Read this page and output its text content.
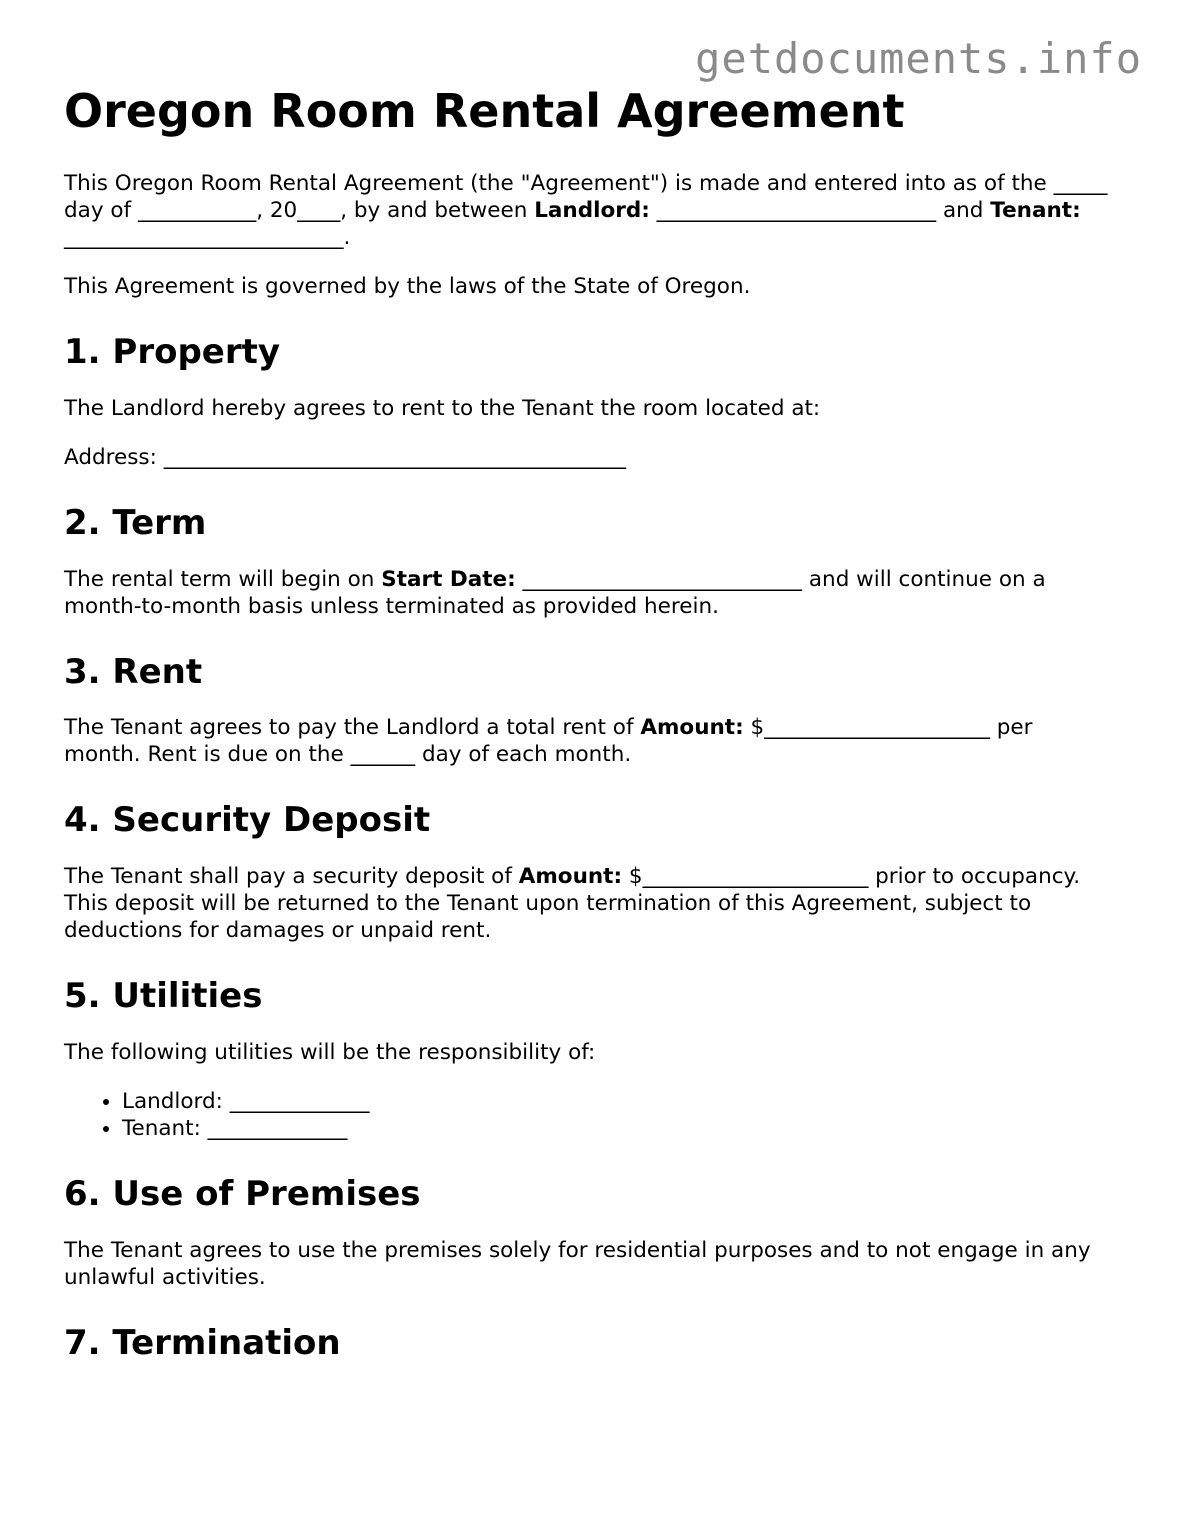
getdocuments.info
Oregon Room Rental Agreement

This Oregon Room Rental Agreement (the "Agreement") is made and entered into as of the _____ day of ___________, 20____, by and between Landlord: __________________________ and Tenant: __________________________.

This Agreement is governed by the laws of the State of Oregon.

1. Property

The Landlord hereby agrees to rent to the Tenant the room located at:

Address: ___________________________________________

2. Term

The rental term will begin on Start Date: __________________________ and will continue on a month-to-month basis unless terminated as provided herein.

3. Rent

The Tenant agrees to pay the Landlord a total rent of Amount: $_____________________ per month. Rent is due on the ______ day of each month.

4. Security Deposit

The Tenant shall pay a security deposit of Amount: $_____________________ prior to occupancy. This deposit will be returned to the Tenant upon termination of this Agreement, subject to deductions for damages or unpaid rent.

5. Utilities

The following utilities will be the responsibility of:

• Landlord: _____________
• Tenant: _____________
6. Use of Premises

The Tenant agrees to use the premises solely for residential purposes and to not engage in any unlawful activities.

7. Termination
